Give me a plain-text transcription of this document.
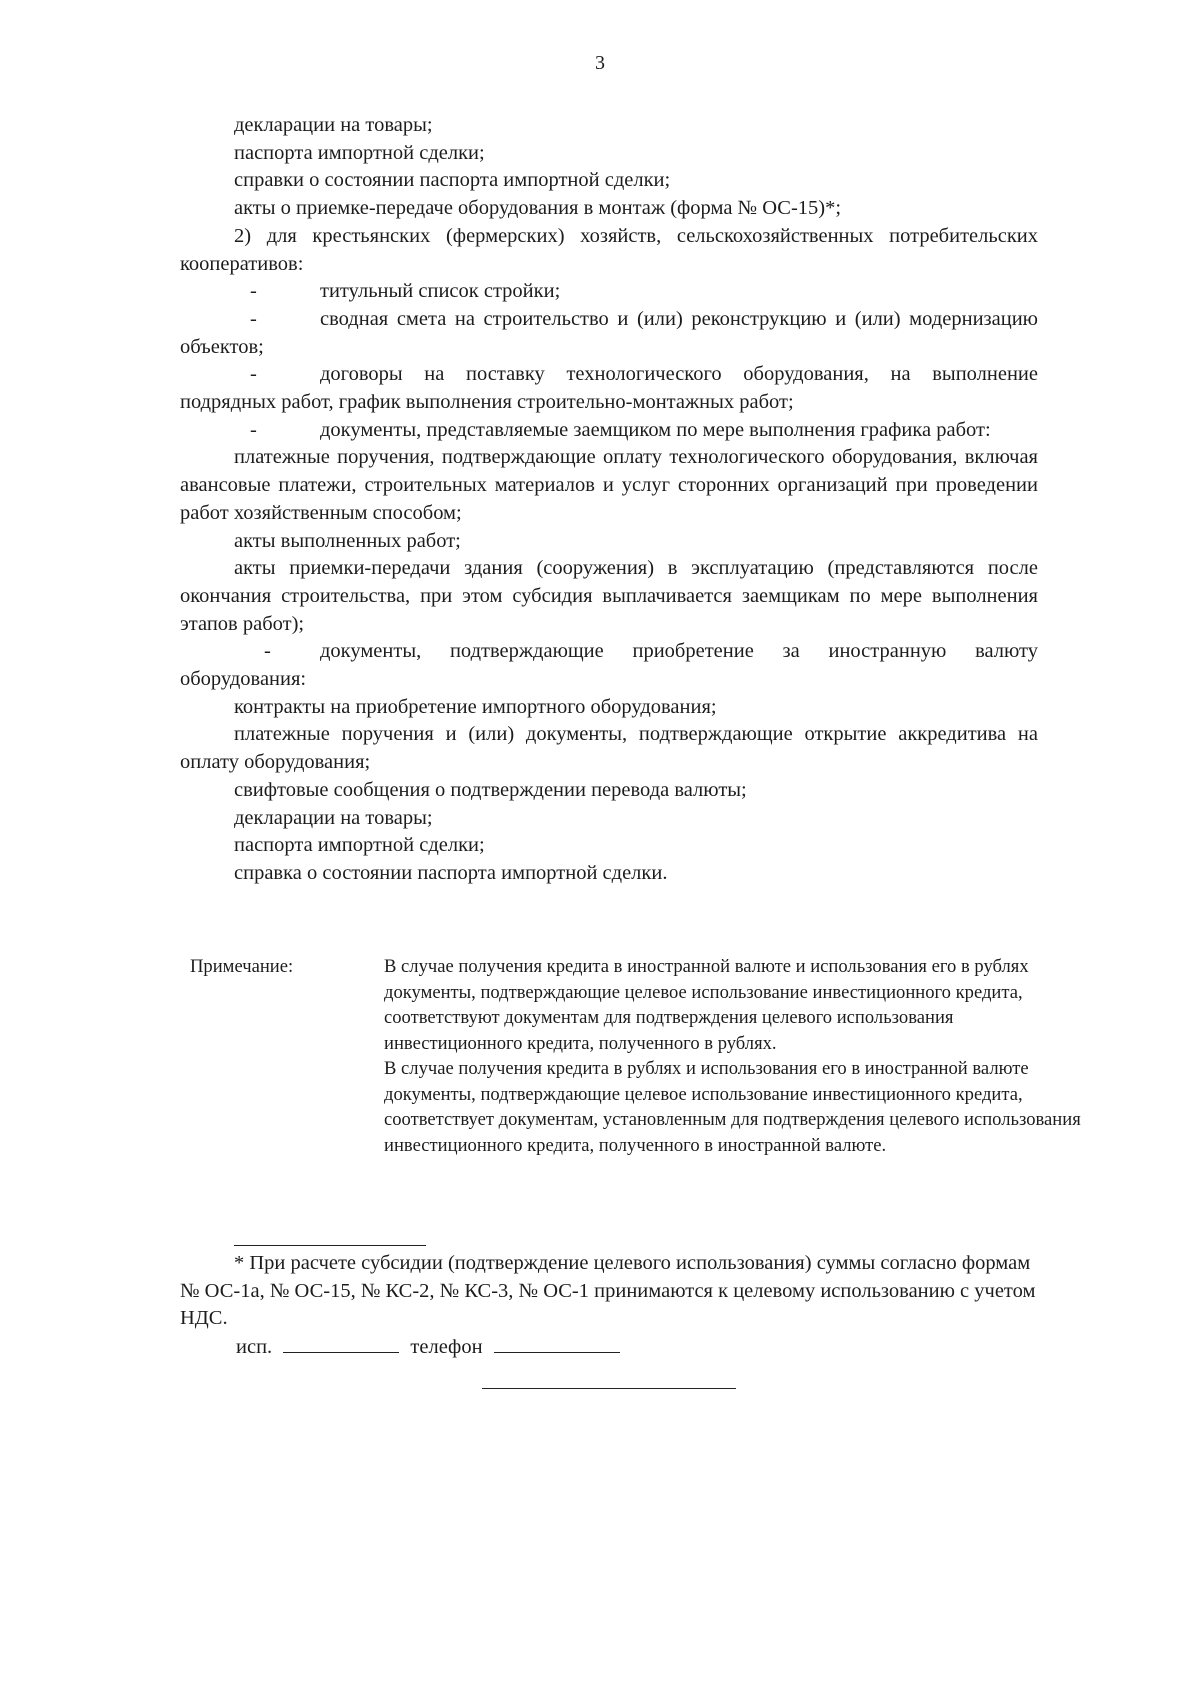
3

декларации на товары;

паспорта импортной сделки;

справки о состоянии паспорта импортной сделки;

акты о приемке-передаче оборудования в монтаж (форма № ОС-15)*;

2) для крестьянских (фермерских) хозяйств, сельскохозяйственных потребительских кооперативов:

-	титульный список стройки;

-	сводная смета на строительство и (или) реконструкцию и (или) модернизацию объектов;

-	договоры на поставку технологического оборудования, на выполнение подрядных работ, график выполнения строительно-монтажных работ;

-	документы, представляемые заемщиком по мере выполнения графика работ:

платежные поручения, подтверждающие оплату технологического оборудования, включая авансовые платежи, строительных материалов и услуг сторонних организаций при проведении работ хозяйственным способом;

акты выполненных работ;

акты приемки-передачи здания (сооружения) в эксплуатацию (представляются после окончания строительства, при этом субсидия выплачивается заемщикам по мере выполнения этапов работ);

- документы, подтверждающие приобретение за иностранную валюту оборудования:

контракты на приобретение импортного оборудования;

платежные поручения и (или) документы, подтверждающие открытие аккредитива на оплату оборудования;

свифтовые сообщения о подтверждении перевода валюты;

декларации на товары;

паспорта импортной сделки;

справка о состоянии паспорта импортной сделки.

Примечание:	В случае получения кредита в иностранной валюте и использования его в рублях документы, подтверждающие целевое использование инвестиционного кредита, соответствуют документам для подтверждения целевого использования инвестиционного кредита, полученного в рублях.

В случае получения кредита в рублях и использования его в иностранной валюте документы, подтверждающие целевое использование инвестиционного кредита, соответствует документам, установленным для подтверждения целевого использования инвестиционного кредита, полученного в иностранной валюте.

* При расчете субсидии (подтверждение целевого использования) суммы согласно формам № ОС-1а, № ОС-15, № КС-2, № КС-3, № ОС-1 принимаются к целевому использованию с учетом НДС.

исп.	телефон
